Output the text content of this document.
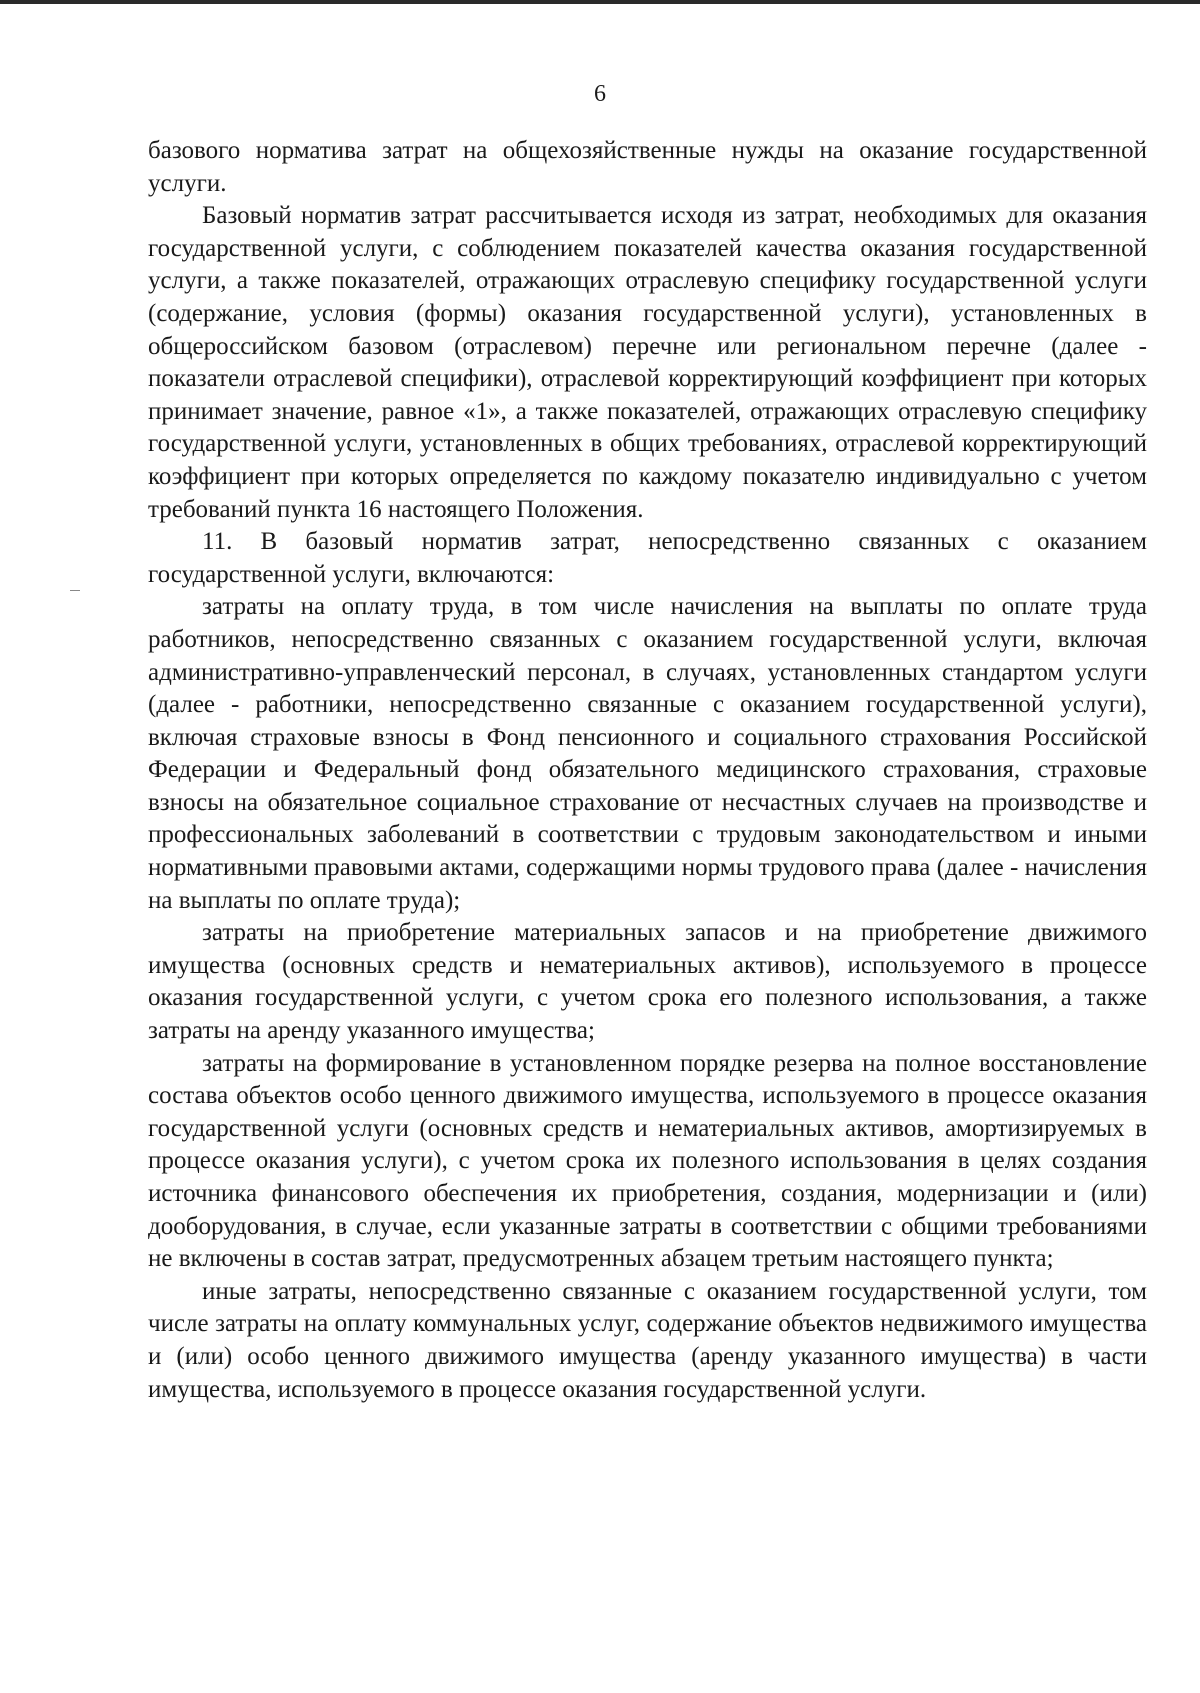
6

базового норматива затрат на общехозяйственные нужды на оказание государственной услуги.

Базовый норматив затрат рассчитывается исходя из затрат, необходимых для оказания государственной услуги, с соблюдением показателей качества оказания государственной услуги, а также показателей, отражающих отраслевую специфику государственной услуги (содержание, условия (формы) оказания государственной услуги), установленных в общероссийском базовом (отраслевом) перечне или региональном перечне (далее - показатели отраслевой специфики), отраслевой корректирующий коэффициент при которых принимает значение, равное «1», а также показателей, отражающих отраслевую специфику государственной услуги, установленных в общих требованиях, отраслевой корректирующий коэффициент при которых определяется по каждому показателю индивидуально с учетом требований пункта 16 настоящего Положения.

11. В базовый норматив затрат, непосредственно связанных с оказанием государственной услуги, включаются:

затраты на оплату труда, в том числе начисления на выплаты по оплате труда работников, непосредственно связанных с оказанием государственной услуги, включая административно-управленческий персонал, в случаях, установленных стандартом услуги (далее - работники, непосредственно связанные с оказанием государственной услуги), включая страховые взносы в Фонд пенсионного и социального страхования Российской Федерации и Федеральный фонд обязательного медицинского страхования, страховые взносы на обязательное социальное страхование от несчастных случаев на производстве и профессиональных заболеваний в соответствии с трудовым законодательством и иными нормативными правовыми актами, содержащими нормы трудового права (далее - начисления на выплаты по оплате труда);

затраты на приобретение материальных запасов и на приобретение движимого имущества (основных средств и нематериальных активов), используемого в процессе оказания государственной услуги, с учетом срока его полезного использования, а также затраты на аренду указанного имущества;

затраты на формирование в установленном порядке резерва на полное восстановление состава объектов особо ценного движимого имущества, используемого в процессе оказания государственной услуги (основных средств и нематериальных активов, амортизируемых в процессе оказания услуги), с учетом срока их полезного использования в целях создания источника финансового обеспечения их приобретения, создания, модернизации и (или) дооборудования, в случае, если указанные затраты в соответствии с общими требованиями не включены в состав затрат, предусмотренных абзацем третьим настоящего пункта;

иные затраты, непосредственно связанные с оказанием государственной услуги, том числе затраты на оплату коммунальных услуг, содержание объектов недвижимого имущества и (или) особо ценного движимого имущества (аренду указанного имущества) в части имущества, используемого в процессе оказания государственной услуги.
